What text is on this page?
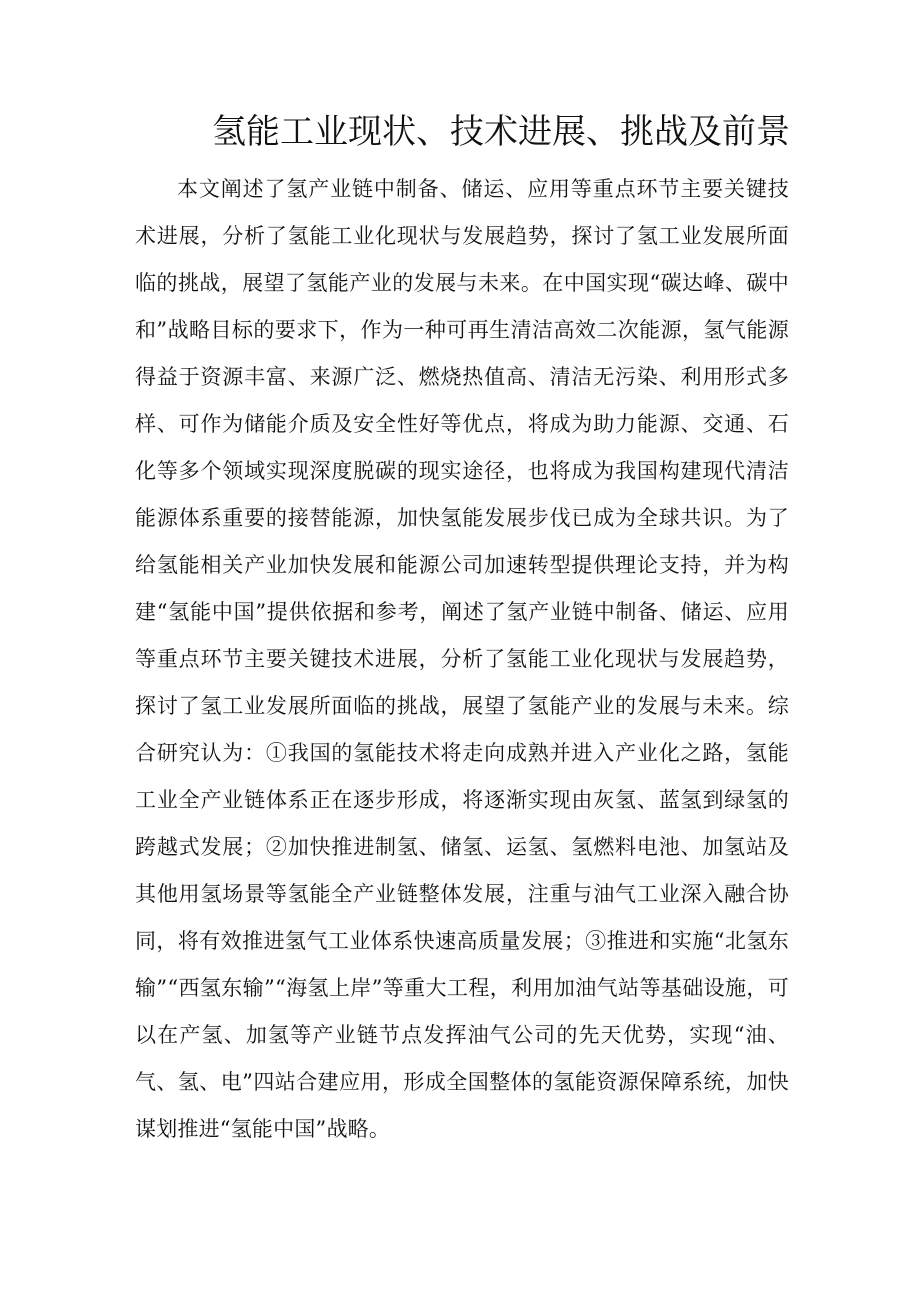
氢能工业现状、技术进展、挑战及前景

本文阐述了氢产业链中制备、储运、应用等重点环节主要关键技术进展，分析了氢能工业化现状与发展趋势，探讨了氢工业发展所面临的挑战，展望了氢能产业的发展与未来。在中国实现“碳达峰、碳中和”战略目标的要求下，作为一种可再生清洁高效二次能源，氢气能源得益于资源丰富、来源广泛、燃烧热值高、清洁无污染、利用形式多样、可作为储能介质及安全性好等优点，将成为助力能源、交通、石化等多个领域实现深度脱碳的现实途径，也将成为我国构建现代清洁能源体系重要的接替能源，加快氢能发展步伐已成为全球共识。为了给氢能相关产业加快发展和能源公司加速转型提供理论支持，并为构建“氢能中国”提供依据和参考，阐述了氢产业链中制备、储运、应用等重点环节主要关键技术进展，分析了氢能工业化现状与发展趋势，探讨了氢工业发展所面临的挑战，展望了氢能产业的发展与未来。综合研究认为：①我国的氢能技术将走向成熟并进入产业化之路，氢能工业全产业链体系正在逐步形成，将逐渐实现由灰氢、蓝氢到绿氢的跨越式发展；②加快推进制氢、储氢、运氢、氢燃料电池、加氢站及其他用氢场景等氢能全产业链整体发展，注重与油气工业深入融合协同，将有效推进氢气工业体系快速高质量发展；③推进和实施“北氢东输”“西氢东输”“海氢上岸”等重大工程，利用加油气站等基础设施，可以在产氢、加氢等产业链节点发挥油气公司的先天优势，实现“油、气、氢、电”四站合建应用，形成全国整体的氢能资源保障系统，加快谋划推进“氢能中国”战略。
